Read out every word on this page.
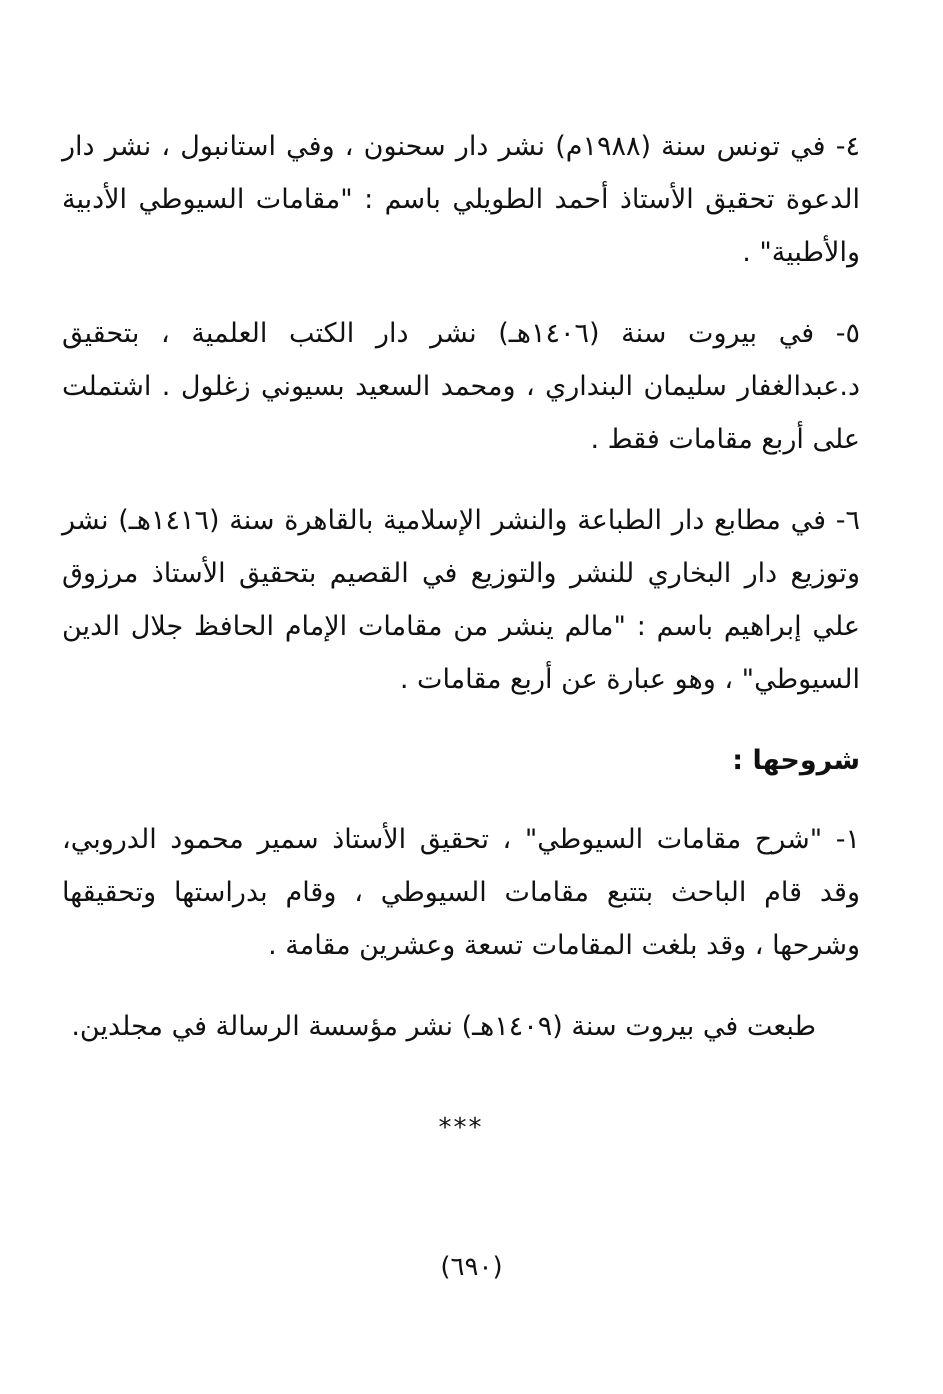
٤- في تونس سنة (١٩٨٨م) نشر دار سحنون ، وفي استانبول ، نشر دار الدعوة تحقيق الأستاذ أحمد الطويلي باسم : "مقامات السيوطي الأدبية والأطبية" .

٥- في بيروت سنة (١٤٠٦هـ) نشر دار الكتب العلمية ، بتحقيق د.عبدالغفار سليمان البنداري ، ومحمد السعيد بسيوني زغلول . اشتملت على أربع مقامات فقط .

٦- في مطابع دار الطباعة والنشر الإسلامية بالقاهرة سنة (١٤١٦هـ) نشر وتوزيع دار البخاري للنشر والتوزيع في القصيم بتحقيق الأستاذ مرزوق علي إبراهيم باسم : "مالم ينشر من مقامات الإمام الحافظ جلال الدين السيوطي" ، وهو عبارة عن أربع مقامات .

شروحها :

١- "شرح مقامات السيوطي" ، تحقيق الأستاذ سمير محمود الدروبي، وقد قام الباحث بتتبع مقامات السيوطي ، وقام بدراستها وتحقيقها وشرحها ، وقد بلغت المقامات تسعة وعشرين مقامة .

طبعت في بيروت سنة (١٤٠٩هـ) نشر مؤسسة الرسالة في مجلدين.

***
(٦٩٠)
